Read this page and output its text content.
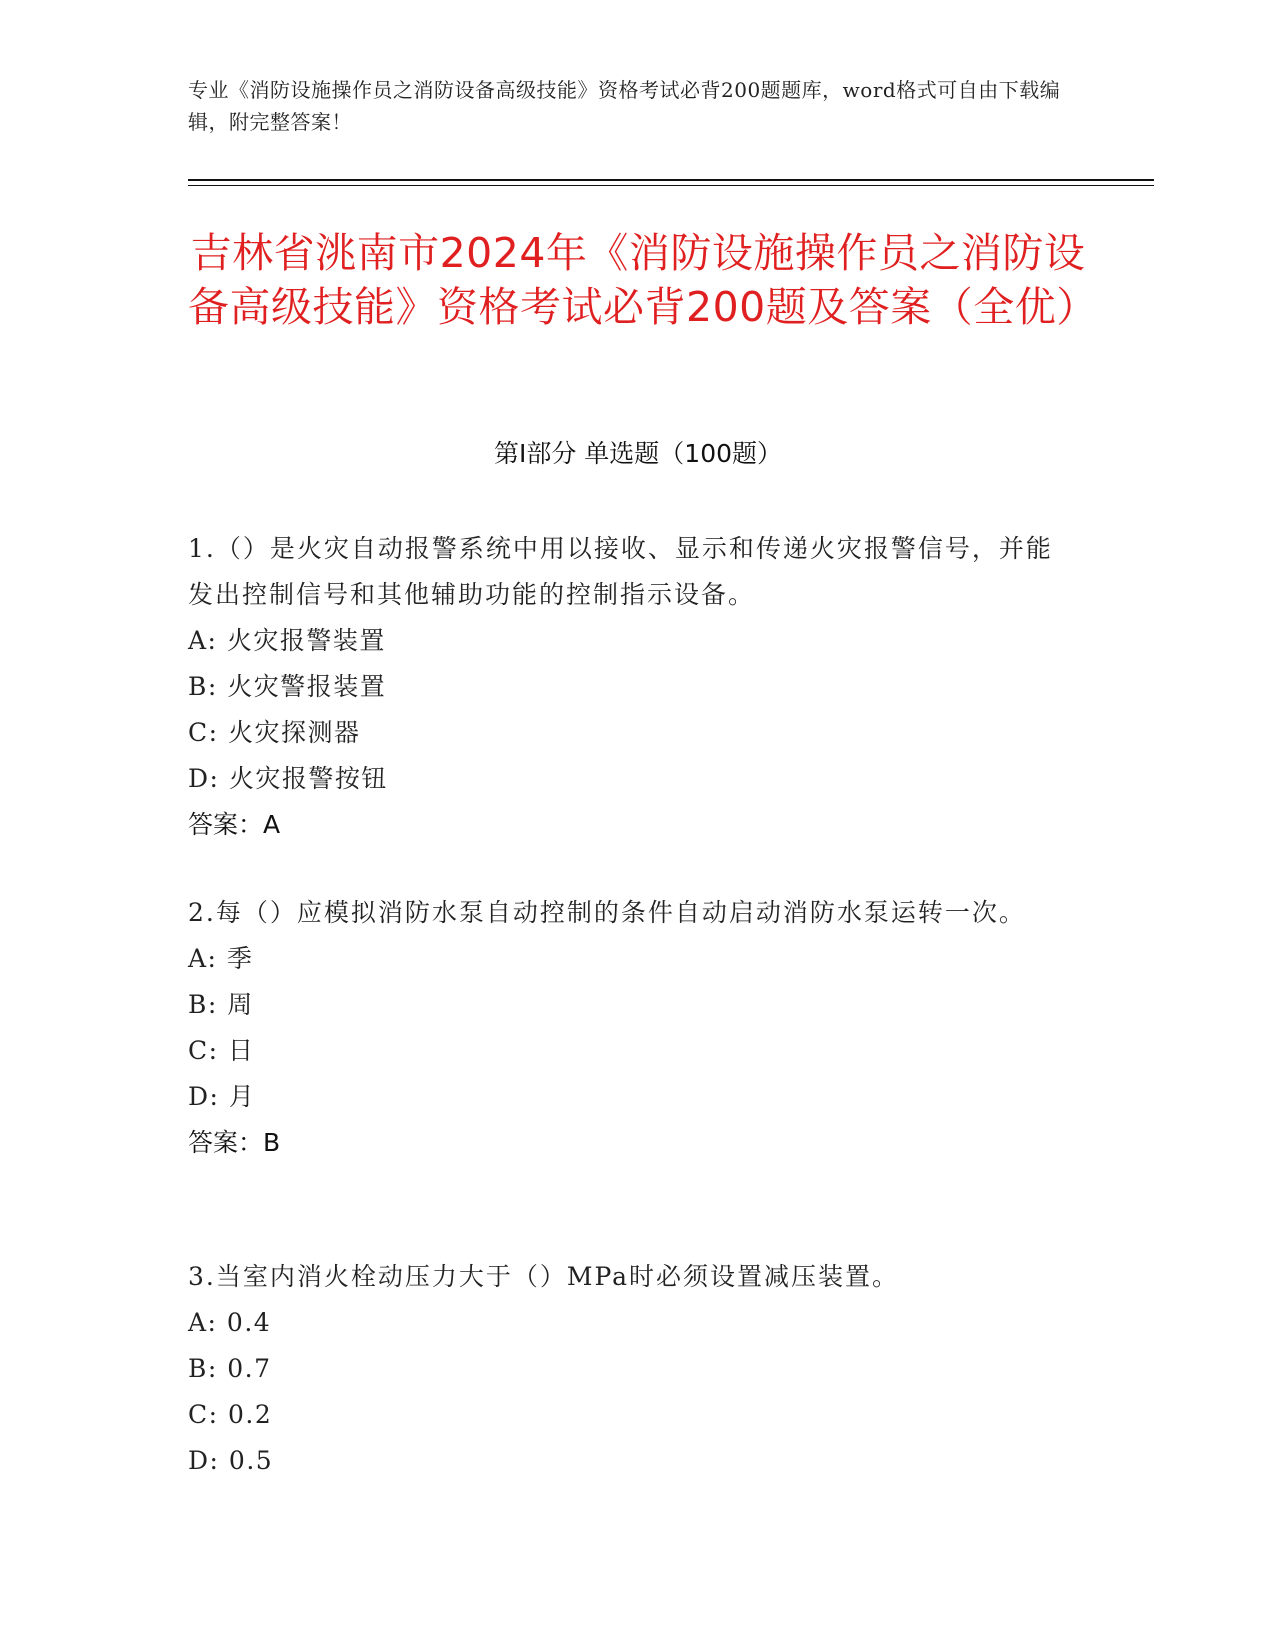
专业《消防设施操作员之消防设备高级技能》资格考试必背200题题库，word格式可自由下载编辑，附完整答案！
吉林省洮南市2024年《消防设施操作员之消防设备高级技能》资格考试必背200题及答案（全优）
第I部分 单选题（100题）
1.（）是火灾自动报警系统中用以接收、显示和传递火灾报警信号，并能发出控制信号和其他辅助功能的控制指示设备。
A: 火灾报警装置
B: 火灾警报装置
C: 火灾探测器
D: 火灾报警按钮
答案：A
2.每（）应模拟消防水泵自动控制的条件自动启动消防水泵运转一次。
A: 季
B: 周
C: 日
D: 月
答案：B
3.当室内消火栓动压力大于（）MPa时必须设置减压装置。
A: 0.4
B: 0.7
C: 0.2
D: 0.5
